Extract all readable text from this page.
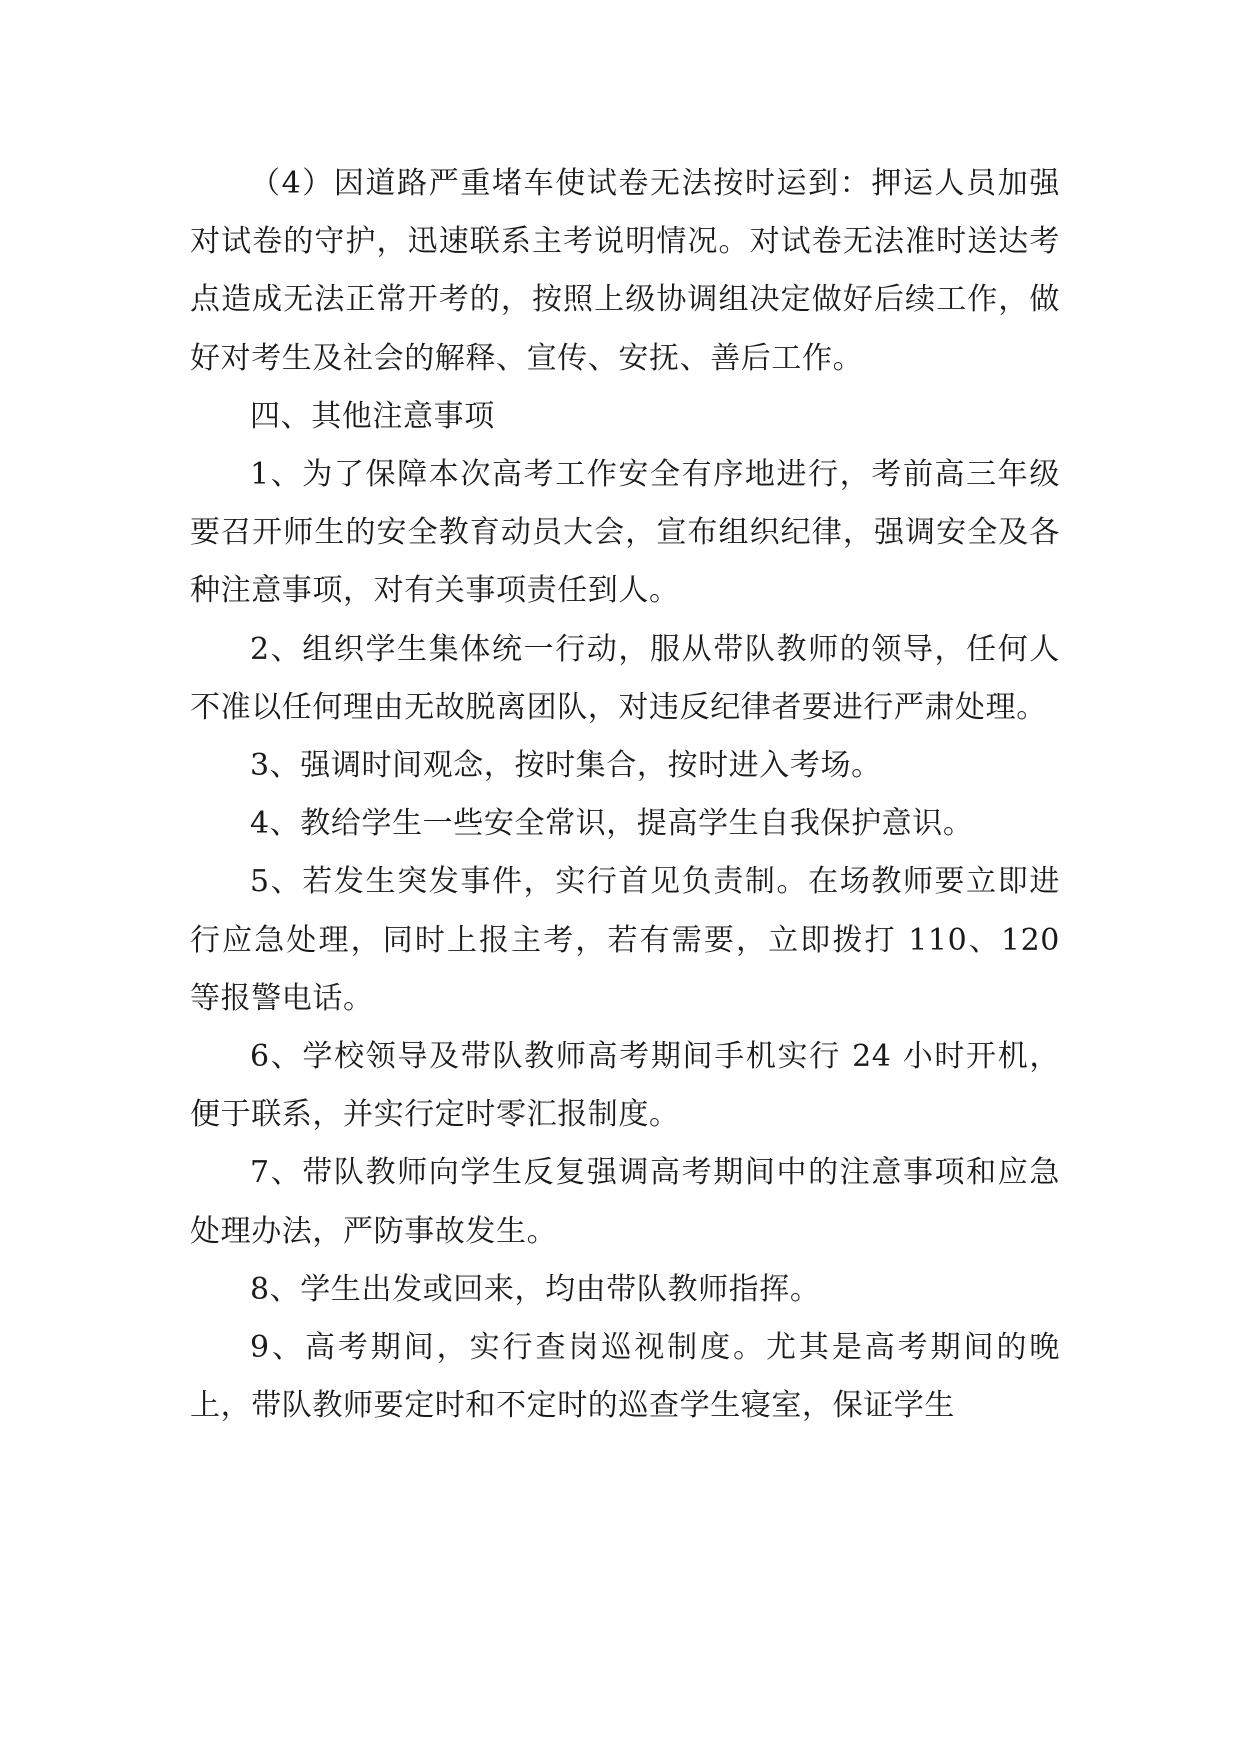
（4）因道路严重堵车使试卷无法按时运到：押运人员加强对试卷的守护，迅速联系主考说明情况。对试卷无法准时送达考点造成无法正常开考的，按照上级协调组决定做好后续工作，做好对考生及社会的解释、宣传、安抚、善后工作。

四、其他注意事项

1、为了保障本次高考工作安全有序地进行，考前高三年级要召开师生的安全教育动员大会，宣布组织纪律，强调安全及各种注意事项，对有关事项责任到人。

2、组织学生集体统一行动，服从带队教师的领导，任何人不准以任何理由无故脱离团队，对违反纪律者要进行严肃处理。

3、强调时间观念，按时集合，按时进入考场。

4、教给学生一些安全常识，提高学生自我保护意识。

5、若发生突发事件，实行首见负责制。在场教师要立即进行应急处理，同时上报主考，若有需要，立即拨打 110、120 等报警电话。

6、学校领导及带队教师高考期间手机实行 24 小时开机，便于联系，并实行定时零汇报制度。

7、带队教师向学生反复强调高考期间中的注意事项和应急处理办法，严防事故发生。

8、学生出发或回来，均由带队教师指挥。

9、高考期间，实行查岗巡视制度。尤其是高考期间的晚上，带队教师要定时和不定时的巡查学生寝室，保证学生
